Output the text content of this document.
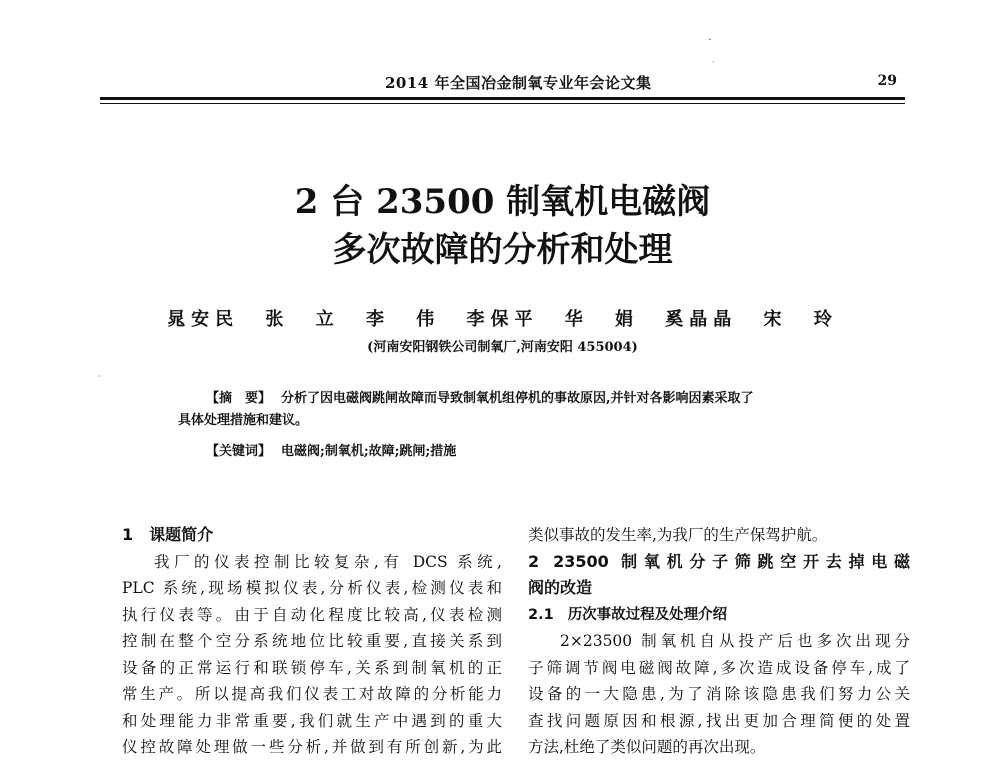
2014 年全国冶金制氧专业年会论文集	29
2 台 23500 制氧机电磁阀
多次故障的分析和处理
晁安民 张 立 李 伟 李保平 华 娟 奚晶晶 宋 玲
(河南安阳钢铁公司制氧厂,河南安阳 455004)
【摘　要】 分析了因电磁阀跳闸故障而导致制氧机组停机的事故原因,并针对各影响因素采取了
具体处理措施和建议。
【关键词】 电磁阀;制氧机;故障;跳闸;措施
1 课题简介
我厂的仪表控制比较复杂,有 DCS 系统,
PLC 系统,现场模拟仪表,分析仪表,检测仪表和
执行仪表等。由于自动化程度比较高,仪表检测
控制在整个空分系统地位比较重要,直接关系到
设备的正常运行和联锁停车,关系到制氧机的正
常生产。所以提高我们仪表工对故障的分析能力
和处理能力非常重要,我们就生产中遇到的重大
仪控故障处理做一些分析,并做到有所创新,为此
类似事故的发生率,为我厂的生产保驾护航。
2 23500 制氧机分子筛跳空开去掉电磁
阀的改造
2.1 历次事故过程及处理介绍
2×23500 制氧机自从投产后也多次出现分
子筛调节阀电磁阀故障,多次造成设备停车,成了
设备的一大隐患,为了消除该隐患我们努力公关
查找问题原因和根源,找出更加合理简便的处置
方法,杜绝了类似问题的再次出现。
ˇ
·
·
